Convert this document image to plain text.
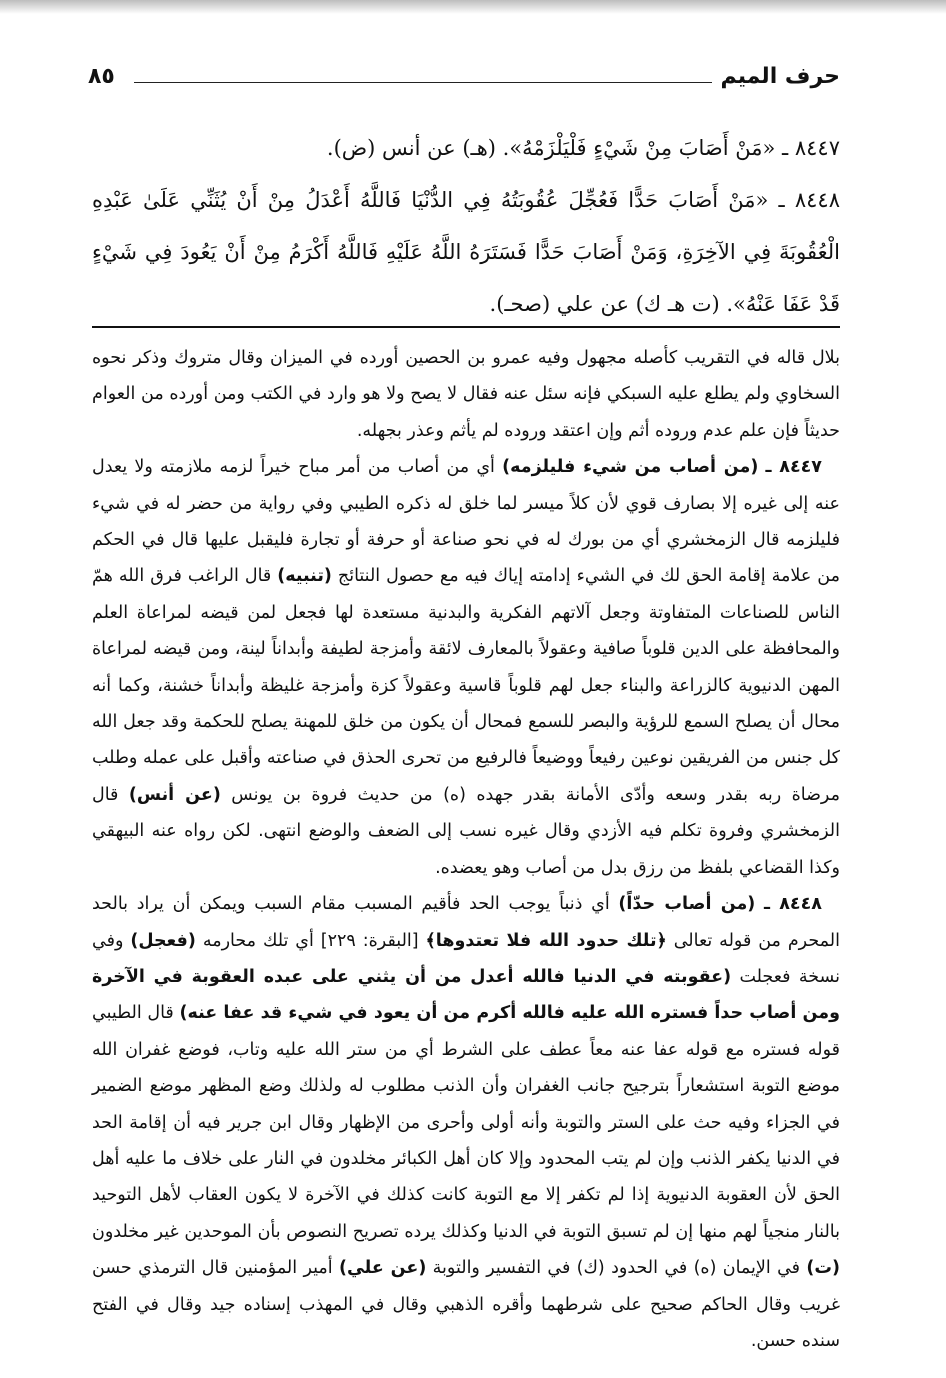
حرف الميم
٨٥

٨٤٤٧ ـ «مَنْ أَصَابَ مِنْ شَيْءٍ فَلْيَلْزَمْهُ». (هـ) عن أنس (ض).

٨٤٤٨ ـ «مَنْ أَصَابَ حَدًّا فَعُجِّلَ عُقُوبَتُهُ فِي الدُّنْيَا فَاللَّهُ أَعْدَلُ مِنْ أَنْ يُثَنِّي عَلَىٰ عَبْدِهِ الْعُقُوبَةَ فِي الآخِرَةِ، وَمَنْ أَصَابَ حَدًّا فَسَتَرَهُ اللَّهُ عَلَيْهِ فَاللَّهُ أَكْرَمُ مِنْ أَنْ يَعُودَ فِي شَيْءٍ قَدْ عَفَا عَنْهُ». (ت هـ ك) عن علي (صحـ).

بلال قاله في التقريب كأصله مجهول وفيه عمرو بن الحصين أورده في الميزان وقال متروك وذكر نحوه السخاوي ولم يطلع عليه السبكي فإنه سئل عنه فقال لا يصح ولا هو وارد في الكتب ومن أورده من العوام حديثاً فإن علم عدم وروده أثم وإن اعتقد وروده لم يأثم وعذر بجهله.

٨٤٤٧ ـ (من أصاب من شيء فليلزمه) أي من أصاب من أمر مباح خيراً لزمه ملازمته ولا يعدل عنه إلى غيره إلا بصارف قوي لأن كلاً ميسر لما خلق له ذكره الطيبي وفي رواية من حضر له في شيء فليلزمه قال الزمخشري أي من بورك له في نحو صناعة أو حرفة أو تجارة فليقبل عليها قال في الحكم من علامة إقامة الحق لك في الشيء إدامته إياك فيه مع حصول النتائج (تنبيه) قال الراغب فرق الله همّ الناس للصناعات المتفاوتة وجعل آلاتهم الفكرية والبدنية مستعدة لها فجعل لمن قيضه لمراعاة العلم والمحافظة على الدين قلوباً صافية وعقولاً بالمعارف لائقة وأمزجة لطيفة وأبداناً لينة، ومن قيضه لمراعاة المهن الدنيوية كالزراعة والبناء جعل لهم قلوباً قاسية وعقولاً كزة وأمزجة غليظة وأبداناً خشنة، وكما أنه محال أن يصلح السمع للرؤية والبصر للسمع فمحال أن يكون من خلق للمهنة يصلح للحكمة وقد جعل الله كل جنس من الفريقين نوعين رفيعاً ووضيعاً فالرفيع من تحرى الحذق في صناعته وأقبل على عمله وطلب مرضاة ربه بقدر وسعه وأدّى الأمانة بقدر جهده (ه) من حديث فروة بن يونس (عن أنس) قال الزمخشري وفروة تكلم فيه الأزدي وقال غيره نسب إلى الضعف والوضع انتهى. لكن رواه عنه البيهقي وكذا القضاعي بلفظ من رزق بدل من أصاب وهو يعضده.

٨٤٤٨ ـ (من أصاب حدّاً) أي ذنباً يوجب الحد فأقيم المسبب مقام السبب ويمكن أن يراد بالحد المحرم من قوله تعالى ﴿تلك حدود الله فلا تعتدوها﴾ [البقرة: ٢٢٩] أي تلك محارمه (فعجل) وفي نسخة فعجلت (عقوبته في الدنيا فالله أعدل من أن يثني على عبده العقوبة في الآخرة ومن أصاب حداً فستره الله عليه فالله أكرم من أن يعود في شيء قد عفا عنه) قال الطيبي قوله فستره مع قوله عفا عنه معاً عطف على الشرط أي من ستر الله عليه وتاب، فوضع غفران الله موضع التوبة استشعاراً بترجيح جانب الغفران وأن الذنب مطلوب له ولذلك وضع المظهر موضع الضمير في الجزاء وفيه حث على الستر والتوبة وأنه أولى وأحرى من الإظهار وقال ابن جرير فيه أن إقامة الحد في الدنيا يكفر الذنب وإن لم يتب المحدود وإلا كان أهل الكبائر مخلدون في النار على خلاف ما عليه أهل الحق لأن العقوبة الدنيوية إذا لم تكفر إلا مع التوبة كانت كذلك في الآخرة لا يكون العقاب لأهل التوحيد بالنار منجياً لهم منها إن لم تسبق التوبة في الدنيا وكذلك يرده تصريح النصوص بأن الموحدين غير مخلدون (ت) في الإيمان (ه) في الحدود (ك) في التفسير والتوبة (عن علي) أمير المؤمنين قال الترمذي حسن غريب وقال الحاكم صحيح على شرطهما وأقره الذهبي وقال في المهذب إسناده جيد وقال في الفتح سنده حسن.
